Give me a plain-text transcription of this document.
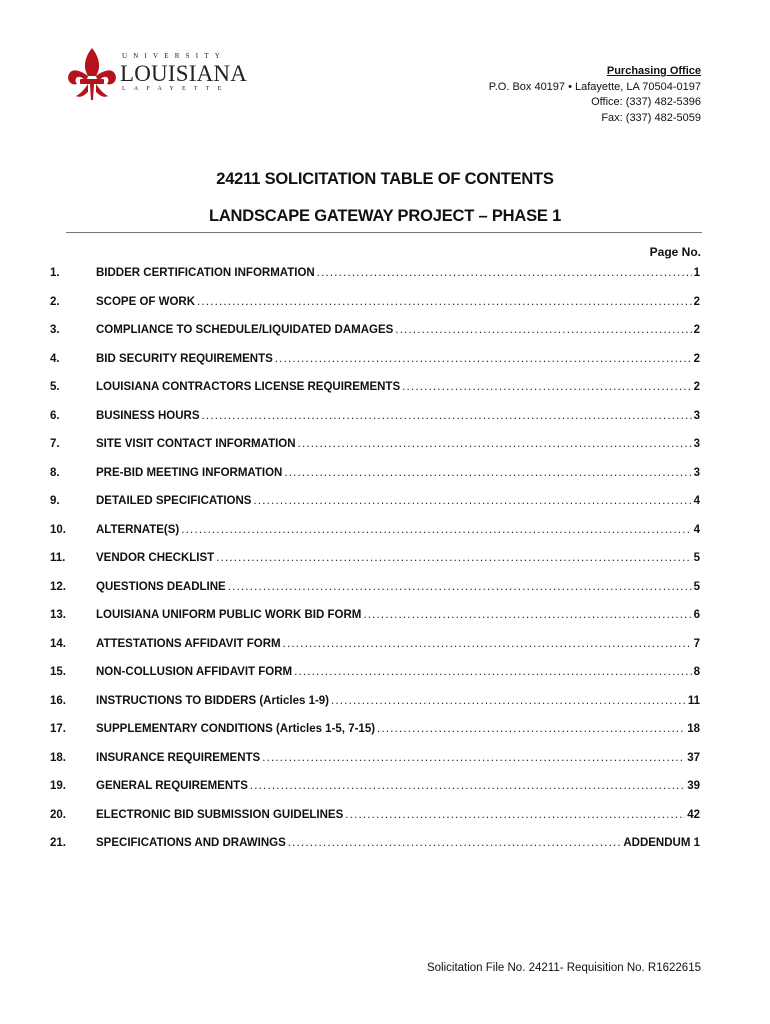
UNIVERSITY
LOUISIANA
LAFAYETTE
Purchasing Office
P.O. Box 40197 • Lafayette, LA 70504-0197
Office: (337) 482-5396
Fax: (337) 482-5059
24211 SOLICITATION TABLE OF CONTENTS
LANDSCAPE GATEWAY PROJECT – PHASE 1
Page No.
1.	BIDDER CERTIFICATION INFORMATION .....	1
2.	SCOPE OF WORK .....	2
3.	COMPLIANCE TO SCHEDULE/LIQUIDATED DAMAGES .....	2
4.	BID SECURITY REQUIREMENTS .....	2
5.	LOUISIANA CONTRACTORS LICENSE REQUIREMENTS .....	2
6.	BUSINESS HOURS .....	3
7.	SITE VISIT CONTACT INFORMATION .....	3
8.	PRE-BID MEETING INFORMATION .....	3
9.	DETAILED SPECIFICATIONS .....	4
10.	ALTERNATE(S) .....	4
11.	VENDOR CHECKLIST .....	5
12.	QUESTIONS DEADLINE .....	5
13.	LOUISIANA UNIFORM PUBLIC WORK BID FORM .....	6
14.	ATTESTATIONS AFFIDAVIT FORM .....	7
15.	NON-COLLUSION AFFIDAVIT FORM .....	8
16.	INSTRUCTIONS TO BIDDERS (Articles 1-9) .....	11
17.	SUPPLEMENTARY CONDITIONS (Articles 1-5, 7-15) .....	18
18.	INSURANCE REQUIREMENTS .....	37
19.	GENERAL REQUIREMENTS .....	39
20.	ELECTRONIC BID SUBMISSION GUIDELINES .....	42
21.	SPECIFICATIONS AND DRAWINGS .....	ADDENDUM 1
Solicitation File No. 24211- Requisition No. R1622615
